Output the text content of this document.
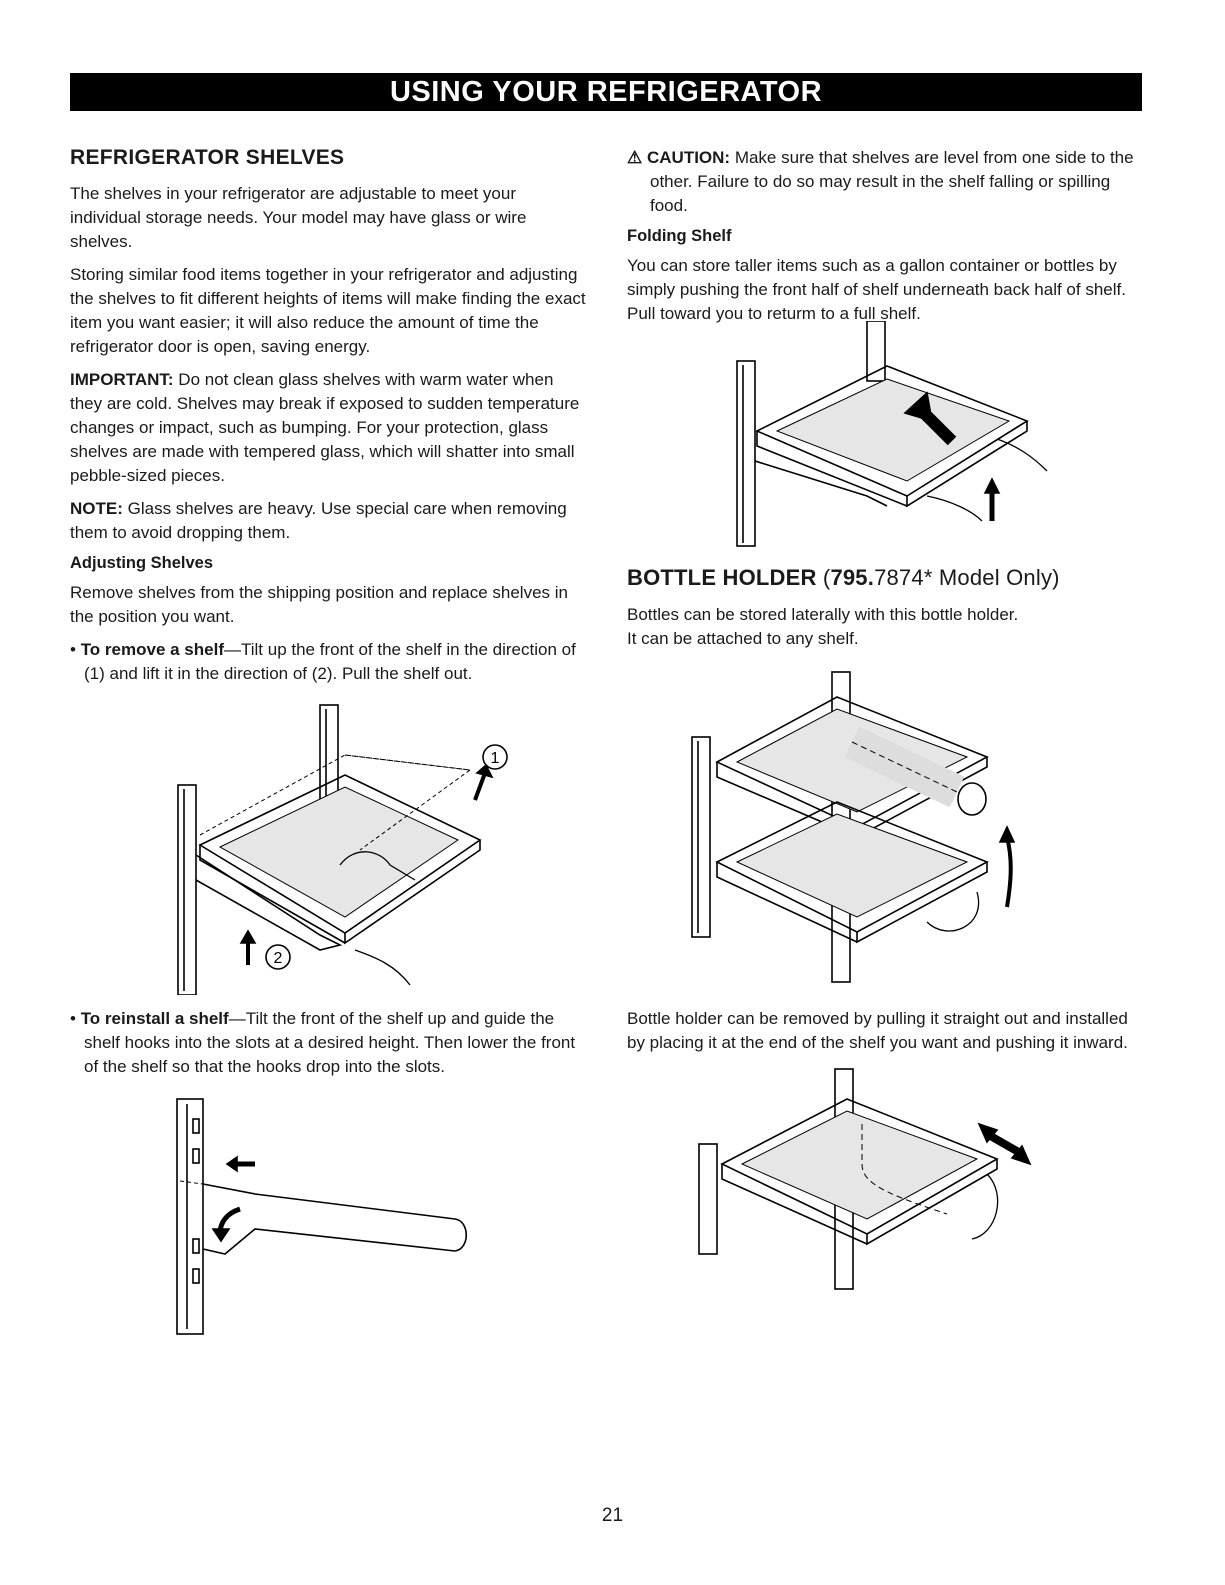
USING YOUR REFRIGERATOR
REFRIGERATOR SHELVES

The shelves in your refrigerator are adjustable to meet your individual storage needs. Your model may have glass or wire shelves.

Storing similar food items together in your refrigerator and adjusting the shelves to fit different heights of items will make finding the exact item you want easier; it will also reduce the amount of time the refrigerator door is open, saving energy.

IMPORTANT: Do not clean glass shelves with warm water when they are cold. Shelves may break if exposed to sudden temperature changes or impact, such as bumping. For your protection, glass shelves are made with tempered glass, which will shatter into small pebble-sized pieces.

NOTE: Glass shelves are heavy. Use special care when removing them to avoid dropping them.

Adjusting Shelves

Remove shelves from the shipping position and replace shelves in the position you want.

• To remove a shelf—Tilt up the front of the shelf in the direction of (1) and lift it in the direction of (2). Pull the shelf out.

1
2

• To reinstall a shelf—Tilt the front of the shelf up and guide the shelf hooks into the slots at a desired height. Then lower the front of the shelf so that the hooks drop into the slots.

⚠ CAUTION: Make sure that shelves are level from one side to the other. Failure to do so may result in the shelf falling or spilling food.

Folding Shelf

You can store taller items such as a gallon container or bottles by simply pushing the front half of shelf underneath back half of shelf. Pull toward you to returm to a full shelf.

BOTTLE HOLDER (795.7874* Model Only)

Bottles can be stored laterally with this bottle holder.

It can be attached to any shelf.

Bottle holder can be removed by pulling it straight out and installed by placing it at the end of the shelf you want and pushing it inward.

21
